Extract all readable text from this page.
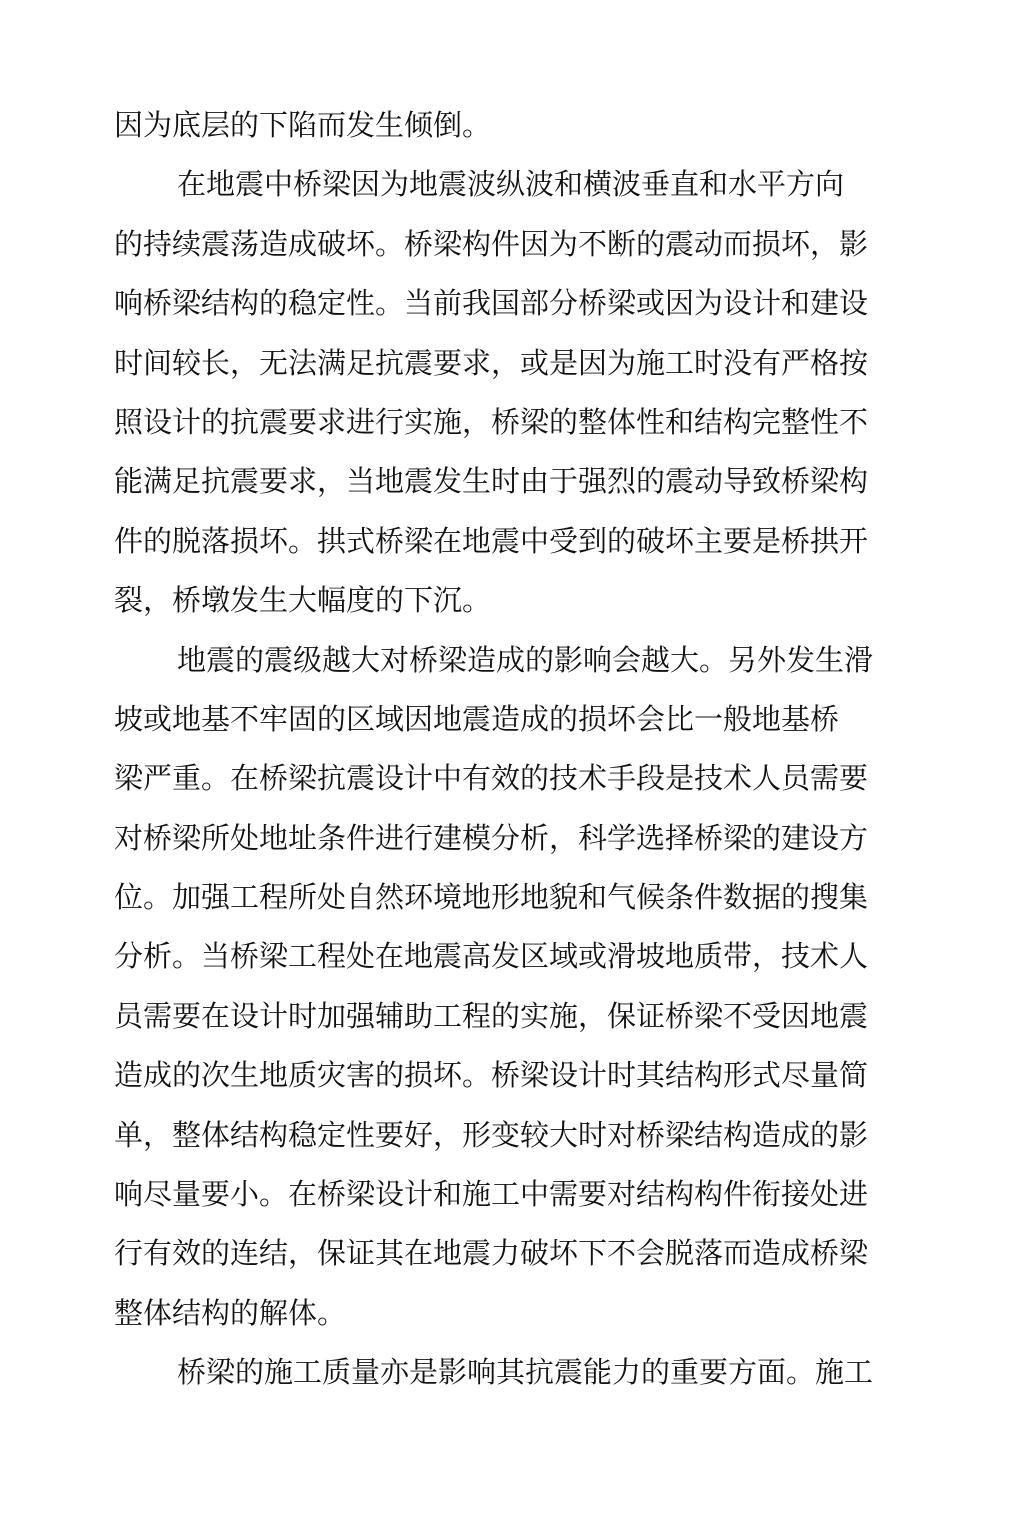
因为底层的下陷而发生倾倒。
在地震中桥梁因为地震波纵波和横波垂直和水平方向
的持续震荡造成破坏。桥梁构件因为不断的震动而损坏，影
响桥梁结构的稳定性。当前我国部分桥梁或因为设计和建设
时间较长，无法满足抗震要求，或是因为施工时没有严格按
照设计的抗震要求进行实施，桥梁的整体性和结构完整性不
能满足抗震要求，当地震发生时由于强烈的震动导致桥梁构
件的脱落损坏。拱式桥梁在地震中受到的破坏主要是桥拱开
裂，桥墩发生大幅度的下沉。
地震的震级越大对桥梁造成的影响会越大。另外发生滑
坡或地基不牢固的区域因地震造成的损坏会比一般地基桥
梁严重。在桥梁抗震设计中有效的技术手段是技术人员需要
对桥梁所处地址条件进行建模分析，科学选择桥梁的建设方
位。加强工程所处自然环境地形地貌和气候条件数据的搜集
分析。当桥梁工程处在地震高发区域或滑坡地质带，技术人
员需要在设计时加强辅助工程的实施，保证桥梁不受因地震
造成的次生地质灾害的损坏。桥梁设计时其结构形式尽量简
单，整体结构稳定性要好，形变较大时对桥梁结构造成的影
响尽量要小。在桥梁设计和施工中需要对结构构件衔接处进
行有效的连结，保证其在地震力破坏下不会脱落而造成桥梁
整体结构的解体。
桥梁的施工质量亦是影响其抗震能力的重要方面。施工
